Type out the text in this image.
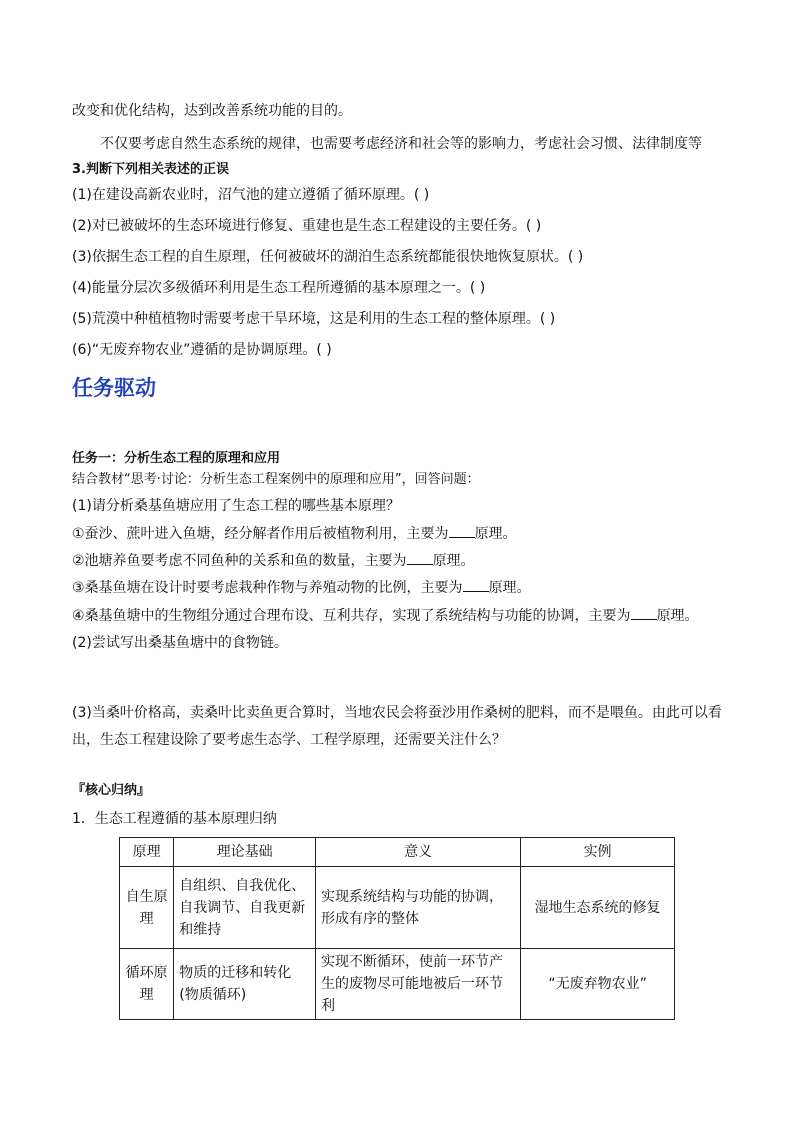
改变和优化结构，达到改善系统功能的目的。
不仅要考虑自然生态系统的规律，也需要考虑经济和社会等的影响力，考虑社会习惯、法律制度等
3.判断下列相关表述的正误
(1)在建设高新农业时，沼气池的建立遵循了循环原理。( )
(2)对已被破坏的生态环境进行修复、重建也是生态工程建设的主要任务。( )
(3)依据生态工程的自生原理，任何被破坏的湖泊生态系统都能很快地恢复原状。( )
(4)能量分层次多级循环利用是生态工程所遵循的基本原理之一。( )
(5)荒漠中种植植物时需要考虑干旱环境，这是利用的生态工程的整体原理。( )
(6)“无废弃物农业”遵循的是协调原理。( )
任务驱动
任务一：分析生态工程的原理和应用
结合教材“思考·讨论：分析生态工程案例中的原理和应用”，回答问题：
(1)请分析桑基鱼塘应用了生态工程的哪些基本原理？
①蚕沙、蔗叶进入鱼塘，经分解者作用后被植物利用，主要为 原理。
②池塘养鱼要考虑不同鱼种的关系和鱼的数量，主要为 原理。
③桑基鱼塘在设计时要考虑栽种作物与养殖动物的比例，主要为 原理。
④桑基鱼塘中的生物组分通过合理布设、互利共存，实现了系统结构与功能的协调，主要为 原理。
(2)尝试写出桑基鱼塘中的食物链。
(3)当桑叶价格高，卖桑叶比卖鱼更合算时，当地农民会将蚕沙用作桑树的肥料，而不是喂鱼。由此可以看
出，生态工程建设除了要考虑生态学、工程学原理，还需要关注什么？
『核心归纳』
1．生态工程遵循的基本原理归纳
原理	理论基础	意义	实例
自生原理	自组织、自我优化、自我调节、自我更新和维持	实现系统结构与功能的协调，形成有序的整体	湿地生态系统的修复
循环原理	物质的迁移和转化(物质循环)	实现不断循环，使前一环节产生的废物尽可能地被后一环节利	“无废弃物农业”
